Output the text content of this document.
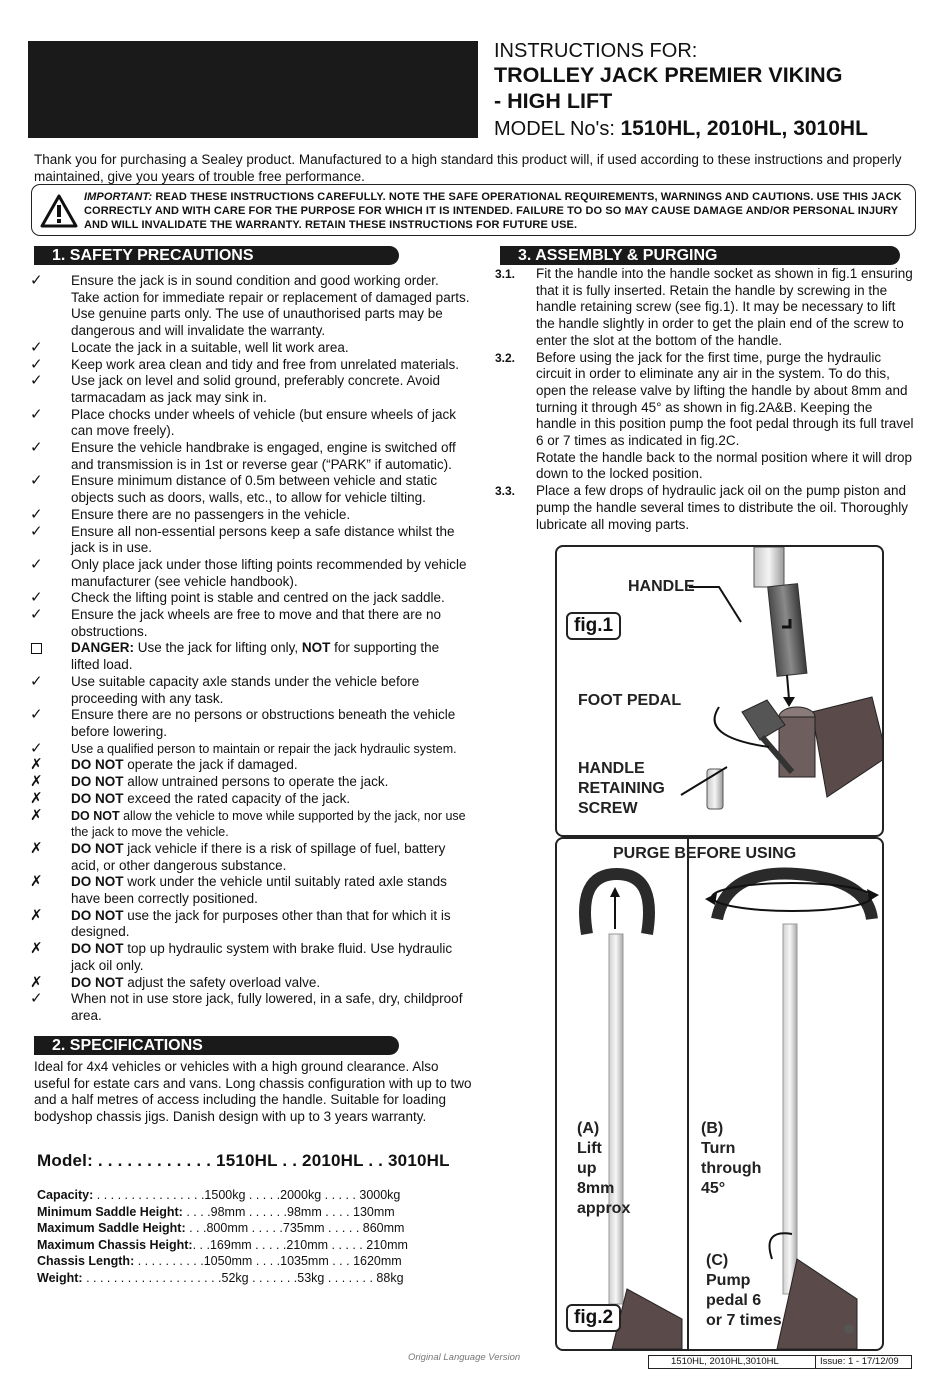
INSTRUCTIONS FOR:
TROLLEY JACK PREMIER VIKING
- HIGH LIFT
MODEL No's: 1510HL, 2010HL, 3010HL
Thank you for purchasing a Sealey product. Manufactured to a high standard this product will, if used according to these instructions and properly maintained, give you years of trouble free performance.
IMPORTANT: READ THESE INSTRUCTIONS CAREFULLY. NOTE THE SAFE OPERATIONAL REQUIREMENTS, WARNINGS AND CAUTIONS. USE THIS JACK CORRECTLY AND WITH CARE FOR THE PURPOSE FOR WHICH IT IS INTENDED. FAILURE TO DO SO MAY CAUSE DAMAGE AND/OR PERSONAL INJURY AND WILL INVALIDATE THE WARRANTY. RETAIN THESE INSTRUCTIONS FOR FUTURE USE.
1. SAFETY PRECAUTIONS
✓	Ensure the jack is in sound condition and good working order. Take action for immediate repair or replacement of damaged parts. Use genuine parts only. The use of unauthorised parts may be dangerous and will invalidate the warranty.
✓	Locate the jack in a suitable, well lit work area.
✓	Keep work area clean and tidy and free from unrelated materials.
✓	Use jack on level and solid ground, preferably concrete. Avoid tarmacadam as jack may sink in.
✓	Place chocks under wheels of vehicle (but ensure wheels of jack can move freely).
✓	Ensure the vehicle handbrake is engaged, engine is switched off and transmission is in 1st or reverse gear (“PARK” if automatic).
✓	Ensure minimum distance of 0.5m between vehicle and static objects such as doors, walls, etc., to allow for vehicle tilting.
✓	Ensure there are no passengers in the vehicle.
✓	Ensure all non-essential persons keep a safe distance whilst the jack is in use.
✓	Only place jack under those lifting points recommended by vehicle manufacturer (see vehicle handbook).
✓	Check the lifting point is stable and centred on the jack saddle.
✓	Ensure the jack wheels are free to move and that there are no obstructions.
DANGER: Use the jack for lifting only, NOT for supporting the lifted load.
✓	Use suitable capacity axle stands under the vehicle before proceeding with any task.
✓	Ensure there are no persons or obstructions beneath the vehicle before lowering.
✓	Use a qualified person to maintain or repair the jack hydraulic system.
✗	DO NOT operate the jack if damaged.
✗	DO NOT allow untrained persons to operate the jack.
✗	DO NOT exceed the rated capacity of the jack.
✗	DO NOT allow the vehicle to move while supported by the jack, nor use the jack to move the vehicle.
✗	DO NOT jack vehicle if there is a risk of spillage of fuel, battery acid, or other dangerous substance.
✗	DO NOT work under the vehicle until suitably rated axle stands have been correctly positioned.
✗	DO NOT use the jack for purposes other than that for which it is designed.
✗	DO NOT top up hydraulic system with brake fluid. Use hydraulic jack oil only.
✗	DO NOT adjust the safety overload valve.
✓	When not in use store jack, fully lowered, in a safe, dry, childproof area.
2. SPECIFICATIONS
Ideal for 4x4 vehicles or vehicles with a high ground clearance. Also useful for estate cars and vans. Long chassis configuration with up to two and a half metres of access including the handle. Suitable for loading bodyshop chassis jigs. Danish design with up to 3 years warranty.
Model: . . . . . . . . . . . . 1510HL . . 2010HL . . 3010HL
Capacity: . . . . . . . . . . . . . . . .1500kg . . . . .2000kg . . . . . 3000kg
Minimum Saddle Height: . . . .98mm . . . . . .98mm . . . . 130mm
Maximum Saddle Height: . . .800mm . . . . .735mm . . . . . 860mm
Maximum Chassis Height:. . .169mm . . . . .210mm . . . . . 210mm
Chassis Length: . . . . . . . . . .1050mm . . . .1035mm . . . 1620mm
Weight: . . . . . . . . . . . . . . . . . . . .52kg . . . . . . .53kg . . . . . . . 88kg
3. ASSEMBLY & PURGING
3.1. Fit the handle into the handle socket as shown in fig.1 ensuring that it is fully inserted. Retain the handle by screwing in the handle retaining screw (see fig.1). It may be necessary to lift the handle slightly in order to get the plain end of the screw to enter the slot at the bottom of the handle.
3.2. Before using the jack for the first time, purge the hydraulic circuit in order to eliminate any air in the system. To do this, open the release valve by lifting the handle by about 8mm and turning it through 45° as shown in fig.2A&B. Keeping the handle in this position pump the foot pedal through its full travel 6 or 7 times as indicated in fig.2C.
Rotate the handle back to the normal position where it will drop down to the locked position.
3.3. Place a few drops of hydraulic jack oil on the pump piston and pump the handle several times to distribute the oil. Thoroughly lubricate all moving parts.
fig.1
HANDLE
FOOT PEDAL
HANDLE
RETAINING
SCREW
PURGE BEFORE USING
(A)
Lift
up
8mm
approx
(B)
Turn
through
45°
(C)
Pump
pedal 6
or 7 times
fig.2
Original Language Version	1510HL, 2010HL,3010HL	Issue: 1 - 17/12/09
